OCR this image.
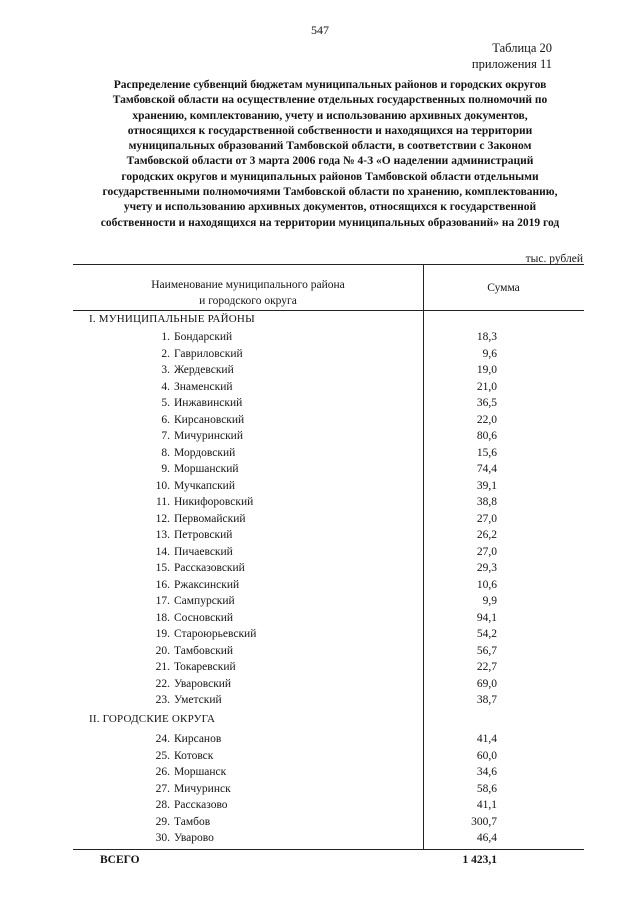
547
Таблица 20
приложения 11
Распределение субвенций бюджетам муниципальных районов и городских округов
Тамбовской области на осуществление отдельных государственных полномочий по
хранению, комплектованию, учету и использованию архивных документов,
относящихся к государственной собственности и находящихся на территории
муниципальных образований Тамбовской области, в соответствии с Законом
Тамбовской области от 3 марта 2006 года № 4-З «О наделении администраций
городских округов и муниципальных районов Тамбовской области отдельными
государственными полномочиями Тамбовской области по хранению, комплектованию,
учету и использованию архивных документов, относящихся к государственной
собственности и находящихся на территории муниципальных образований» на 2019 год
тыс. рублей
Наименование муниципального района
и городского округа
Сумма
I. МУНИЦИПАЛЬНЫЕ РАЙОНЫ
1. Бондарский	18,3
2. Гавриловский	9,6
3. Жердевский	19,0
4. Знаменский	21,0
5. Инжавинский	36,5
6. Кирсановский	22,0
7. Мичуринский	80,6
8. Мордовский	15,6
9. Моршанский	74,4
10. Мучкапский	39,1
11. Никифоровский	38,8
12. Первомайский	27,0
13. Петровский	26,2
14. Пичаевский	27,0
15. Рассказовский	29,3
16. Ржаксинский	10,6
17. Сампурский	9,9
18. Сосновский	94,1
19. Староюрьевский	54,2
20. Тамбовский	56,7
21. Токаревский	22,7
22. Уваровский	69,0
23. Уметский	38,7
II. ГОРОДСКИЕ ОКРУГА
24. Кирсанов	41,4
25. Котовск	60,0
26. Моршанск	34,6
27. Мичуринск	58,6
28. Рассказово	41,1
29. Тамбов	300,7
30. Уварово	46,4
ВСЕГО	1 423,1
